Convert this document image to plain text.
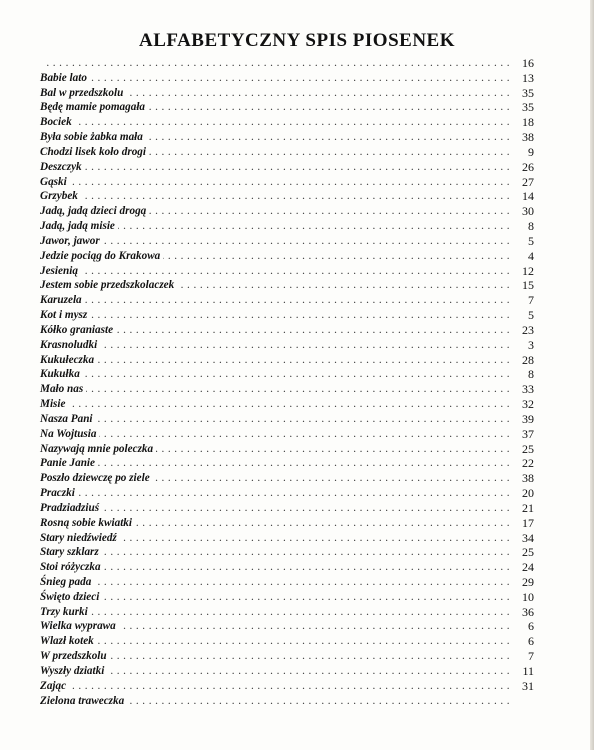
ALFABETYCZNY SPIS PIOSENEK
. . .
16
. . .
Babie lato	13
. . .
Bal w przedszkolu	35
. . .
Będę mamie pomagała	35
. . .
Bociek	18
. . .
Była sobie żabka mała	38
. . .
Chodzi lisek koło drogi	9
. . .
Deszczyk	26
. . .
Gąski	27
. . .
Grzybek	14
. . .
Jadą, jadą dzieci drogą	30
. . .
Jadą, jadą misie	8
. . .
Jawor, jawor	5
. . .
Jedzie pociąg do Krakowa	4
. . .
Jesienią	12
. . .
Jestem sobie przedszkolaczek	15
. . .
Karuzela	7
. . .
Kot i mysz	5
. . .
Kółko graniaste	23
. . .
Krasnoludki	3
. . .
Kukułeczka	28
. . .
Kukułka	8
. . .
Mało nas	33
. . .
Misie	32
. . .
Nasza Pani	39
. . .
Na Wojtusia	37
. . .
Nazywają mnie poleczka	25
. . .
Panie Janie	22
. . .
Poszło dziewczę po ziele	38
. . .
Praczki	20
. . .
Pradziadziuś	21
. . .
Rosną sobie kwiatki	17
. . .
Stary niedźwiedź	34
. . .
Stary szklarz	25
. . .
Stoi różyczka	24
. . .
Śnieg pada	29
. . .
Święto dzieci	10
. . .
Trzy kurki	36
. . .
Wielka wyprawa	6
. . .
Wlazł kotek	6
. . .
W przedszkolu	7
. . .
Wyszły dziatki	11
. . .
Zając	31
. . .
Zielona traweczka
